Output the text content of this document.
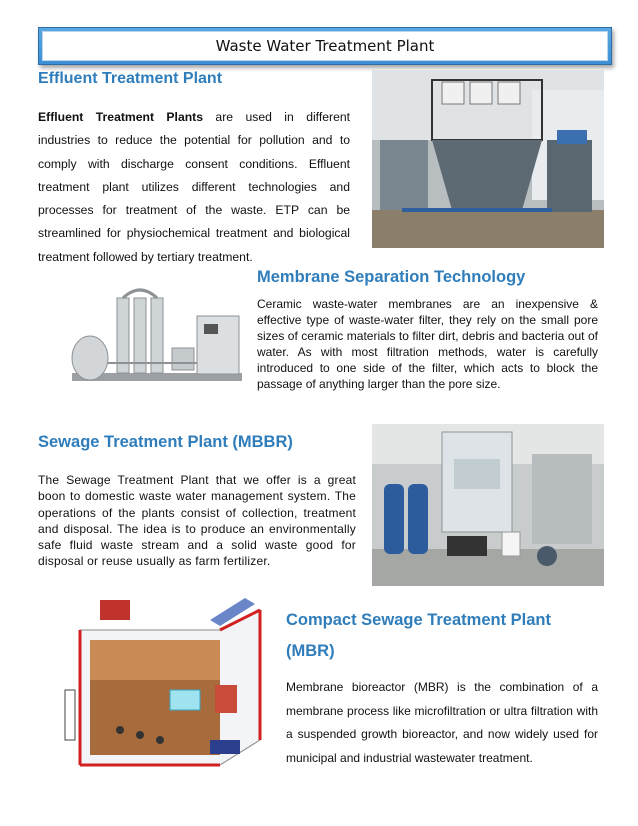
Waste Water Treatment Plant
Effluent Treatment Plant

Effluent Treatment Plants are used in different industries to reduce the potential for pollution and to comply with discharge consent conditions. Effluent treatment plant utilizes different technologies and processes for treatment of the waste. ETP can be streamlined for physiochemical treatment and biological treatment followed by tertiary treatment.

Membrane Separation Technology

Ceramic waste-water membranes are an inexpensive & effective type of waste-water filter, they rely on the small pore sizes of ceramic materials to filter dirt, debris and bacteria out of water. As with most filtration methods, water is carefully introduced to one side of the filter, which acts to block the passage of anything larger than the pore size.

Sewage Treatment Plant (MBBR)

The Sewage Treatment Plant that we offer is a great boon to domestic waste water management system. The operations of the plants consist of collection, treatment and disposal. The idea is to produce an environmentally safe fluid waste stream and a solid waste good for disposal or reuse usually as farm fertilizer.

Compact Sewage Treatment Plant (MBR)

Membrane bioreactor (MBR) is the combination of a membrane process like microfiltration or ultra filtration with a suspended growth bioreactor, and now widely used for municipal and industrial wastewater treatment.
